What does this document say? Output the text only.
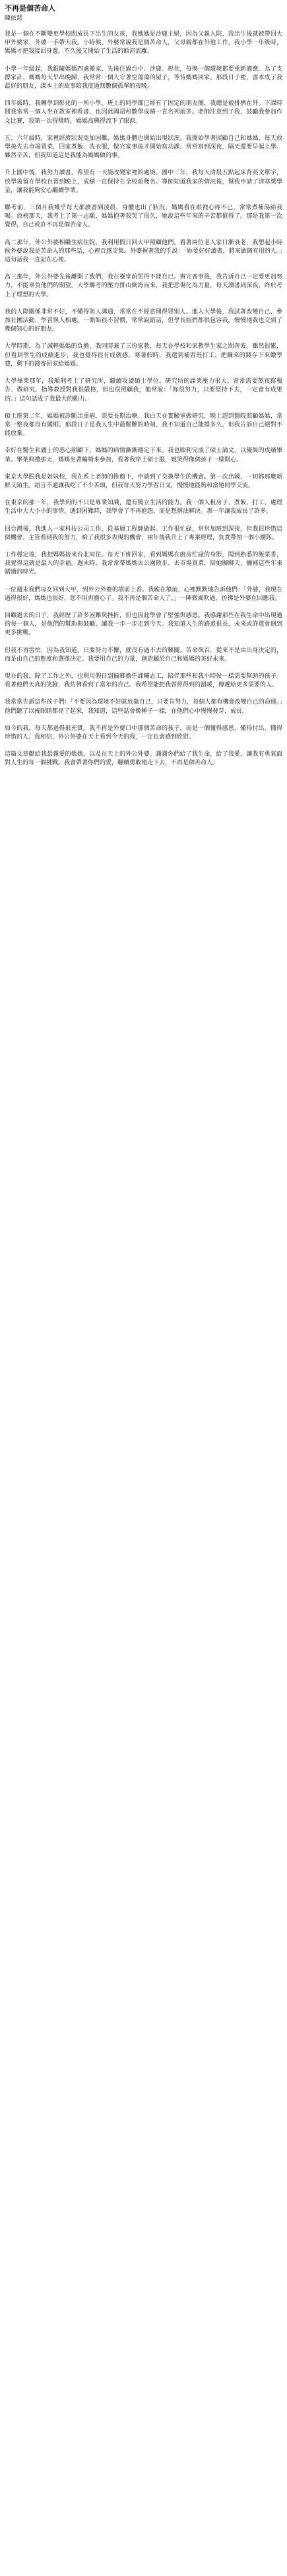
不再是個苦命人
陳依慈

我是一個在不斷變更學校間成長下出生的女孩，我媽媽是沙鹿主婦，因為父親入院，我出生後就被帶回大甲外婆家，外婆一手帶大我。小時候，外婆常說我是個苦命人，父母親都在外地工作，我小學一年級時，媽媽才把我接回身邊，不久後又開始了生活的顛沛流離。

小學一年級起，我跟隨媽媽四處搬家，先後住過台中、沙鹿、彰化，每換一個環境都要重新適應。為了支撐家計，媽媽每天早出晚歸，我常常一個人守著空蕩蕩的屋子，等待媽媽回家。那段日子裡，書本成了我最好的朋友，課本上的故事陪我度過無數個孤單的夜晚。

四年級時，我轉學到彰化的一所小學，班上的同學都已經有了固定的朋友圈，我總是被排擠在外。下課時間我常常一個人坐在教室裡看書，也因此國語和數學成績一直名列前茅。老師注意到了我，鼓勵我參加作文比賽，我第一次得獎時，媽媽高興得流下了眼淚。

五、六年級時，家裡經濟狀況更加困難，媽媽身體也開始出現狀況。我開始學著照顧自己和媽媽，每天放學後先去市場買菜，回家煮飯、洗衣服，做完家事後才開始寫功課。常常寫到深夜，隔天還要早起上學。雖然辛苦，但我知道這是我能為媽媽做的事。

升上國中後，我努力讀書，希望有一天能改變家裡的處境。國中三年，我每天清晨五點起床背英文單字，放學後留在學校自習到晚上，成績一直保持在全校前幾名。導師知道我家的情況後，幫我申請了清寒獎學金，讓我能夠安心繼續學業。

聯考前，三個月我幾乎每天都讀書到凌晨，身體也出了狀況，媽媽看在眼裡心疼不已，常常煮補湯給我喝。放榜那天，我考上了第一志願，媽媽抱著我哭了很久，她說這些年來的辛苦都值得了。那是我第一次覺得，自己或許不再是個苦命人。

高二那年，外公外婆相繼生病住院，我利用假日回大甲照顧他們。看著兩位老人家日漸衰老，我想起小時候外婆說我是苦命人的那些話，心裡百感交集。外婆握著我的手說：「妳要好好讀書，將來做個有用的人。」這句話我一直記在心裡。

高三那年，外公外婆先後離開了我們，我在靈堂前哭得不能自已。辦完喪事後，我告訴自己一定要更加努力，不能辜負他們的期望。大學聯考的壓力排山倒海而來，我把悲傷化為力量，每天讀書到深夜，終於考上了理想的大學。

我的人際關係非常不好，不懂得與人溝通，常常在不經意間得罪別人。進入大學後，我試著改變自己，參加社團活動，學習與人相處。一開始很不習慣，常常說錯話，但學長姐們都很包容我，慢慢地我也交到了幾個知心的好朋友。

大學時期，為了減輕媽媽的負擔，我同時兼了三份家教，每天在學校和家教學生家之間奔波。雖然很累，但看到學生的成績進步，我也覺得很有成就感。寒暑假時，我還到補習班打工，把賺來的錢存下來繳學費，剩下的錢寄回家給媽媽。

大學畢業那年，我順利考上了研究所，繼續攻讀碩士學位。研究所的課業壓力很大，常常需要熬夜寫報告、做研究。指導教授對我很嚴格，但也很照顧我，他常說：「妳很努力，只要堅持下去，一定會有成果的。」這句話成了我最大的動力。

碩士班第二年，媽媽被診斷出重病，需要長期治療。我白天在實驗室做研究，晚上趕到醫院照顧媽媽，常常一整夜都沒有闔眼。那段日子是我人生中最艱難的時刻，我不知道自己能撐多久，但我告訴自己絕對不能放棄。

幸好在醫生和護士的悉心照顧下，媽媽的病情漸漸穩定下來。我也順利完成了碩士論文，以優異的成績畢業。畢業典禮那天，媽媽坐著輪椅來參加，看著我穿上碩士服，她笑得像個孩子一樣開心。

東京大學跟我是姐妹校，我在系上老師的推薦下，申請到了交換學生的機會。第一次出國，一切都那麼新鮮又陌生。語言不通讓我吃了不少苦頭，但我每天努力學習日文，慢慢地能夠和當地同學交流。

在東京的那一年，我學到的不只是專業知識，還有獨立生活的能力。我一個人租房子、煮飯、打工，處理生活中大大小小的事情。遇到困難時，我學會了不再抱怨，而是想辦法解決。那一年讓我成長了許多。

回台灣後，我進入一家科技公司工作，從基層工程師做起。工作很忙碌，常常加班到深夜，但我很珍惜這個機會。主管看到我的努力，給了我很多表現的機會，兩年後我升上了專案經理，負責帶領一個小團隊。

工作穩定後，我把媽媽接來台北同住。每天下班回家，看到媽媽在廚房忙碌的身影，聞到熟悉的飯菜香，我覺得這就是最大的幸福。週末時，我常常帶媽媽去公園散步、去市場買菜，陪她聊聊天，彌補這些年來錯過的時光。

一位週末我們母女回到大甲，到外公外婆的墳前上香。我跪在墳前，心裡默默地告訴他們：「外婆，我現在過得很好，媽媽也很好，您不用再擔心了。我不再是個苦命人了。」一陣微風吹過，彷彿是外婆在回應我。

回顧過去的日子，我經歷了許多困難與挫折，但也因此學會了堅強與感恩。我感謝那些在我生命中出現過的每一個人，是他們的幫助與鼓勵，讓我一步一步走到今天。我知道人生的路還很長，未來或許還會遇到更多挑戰。

但我不再害怕，因為我知道，只要努力不懈，就沒有過不去的難關。苦命與否，從來不是由出身決定的，而是由自己的態度和選擇決定。我要用自己的力量，創造屬於自己和媽媽的美好未來。

現在的我，除了工作之外，也利用假日到偏鄉擔任課輔志工，陪伴那些和我小時候一樣需要幫助的孩子。看著他們天真的笑臉，我彷彿看到了當年的自己。我希望能把我曾經得到的溫暖，傳遞給更多需要的人。

我常常告訴這些孩子們：「不要因為環境不好就放棄自己，只要肯努力，每個人都有機會改變自己的命運。」他們聽了以後眼睛都亮了起來，我知道，這些話會像種子一樣，在他們心中慢慢發芽、成長。

如今的我，每天都過得很充實。我不再是外婆口中那個苦命的孩子，而是一個懂得感恩、懂得付出、懂得珍惜的人。我相信，外公外婆在天上看到今天的我，一定也會感到欣慰。

這篇文章獻給我最親愛的媽媽，以及在天上的外公外婆。謝謝你們給了我生命，給了我愛，讓我有勇氣面對人生的每一個挑戰。我會帶著你們的愛，繼續勇敢地走下去，不再是個苦命人。
